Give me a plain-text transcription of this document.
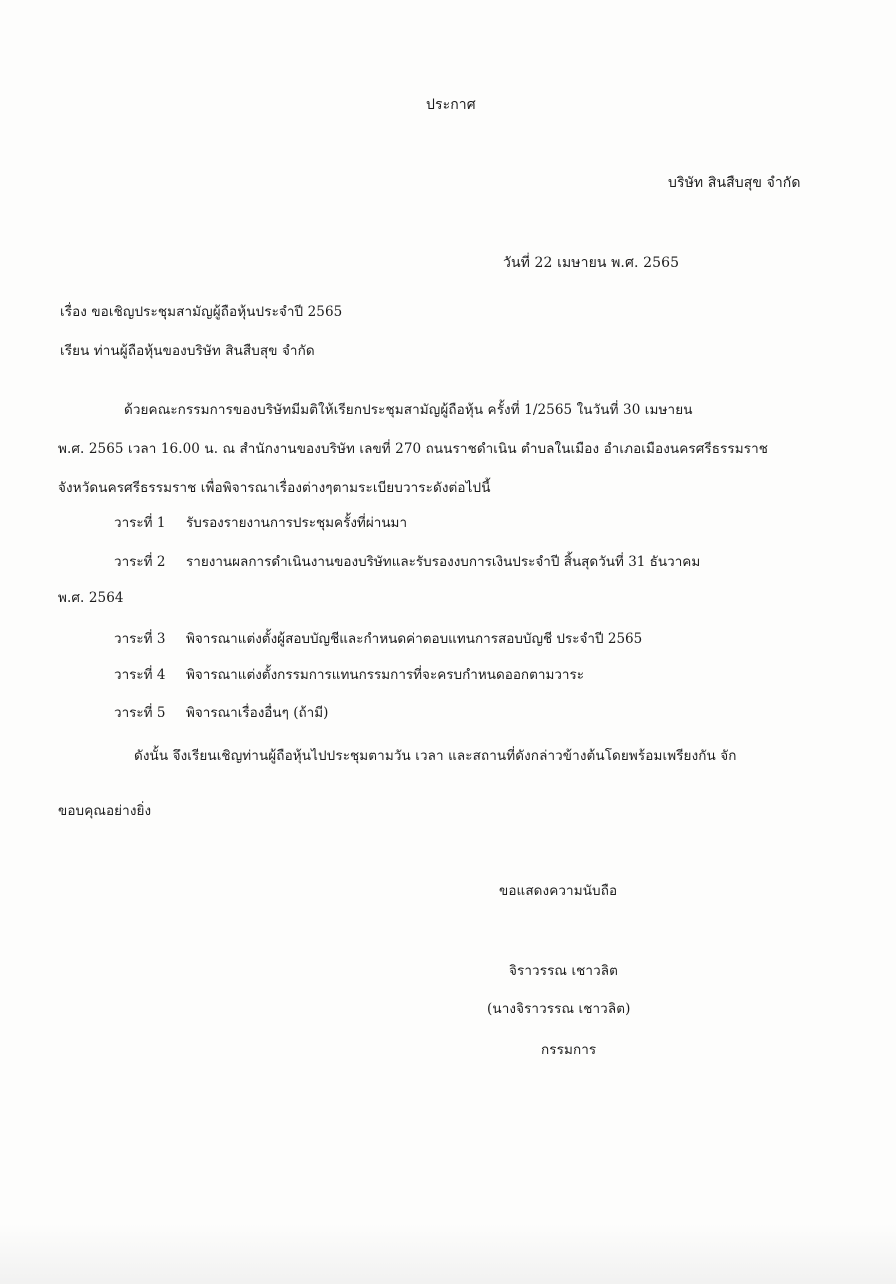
ประกาศ
บริษัท สินสืบสุข จำกัด
วันที่ 22 เมษายน พ.ศ. 2565
เรื่อง ขอเชิญประชุมสามัญผู้ถือหุ้นประจำปี 2565
เรียน ท่านผู้ถือหุ้นของบริษัท สินสืบสุข จำกัด
ด้วยคณะกรรมการของบริษัทมีมติให้เรียกประชุมสามัญผู้ถือหุ้น ครั้งที่ 1/2565 ในวันที่ 30 เมษายน
พ.ศ. 2565 เวลา 16.00 น. ณ สำนักงานของบริษัท เลขที่ 270 ถนนราชดำเนิน ตำบลในเมือง อำเภอเมืองนครศรีธรรมราช
จังหวัดนครศรีธรรมราช เพื่อพิจารณาเรื่องต่างๆตามระเบียบวาระดังต่อไปนี้
วาระที่ 1 รับรองรายงานการประชุมครั้งที่ผ่านมา
วาระที่ 2 รายงานผลการดำเนินงานของบริษัทและรับรองงบการเงินประจำปี สิ้นสุดวันที่ 31 ธันวาคม
พ.ศ. 2564
วาระที่ 3 พิจารณาแต่งตั้งผู้สอบบัญชีและกำหนดค่าตอบแทนการสอบบัญชี ประจำปี 2565
วาระที่ 4 พิจารณาแต่งตั้งกรรมการแทนกรรมการที่จะครบกำหนดออกตามวาระ
วาระที่ 5 พิจารณาเรื่องอื่นๆ (ถ้ามี)
ดังนั้น จึงเรียนเชิญท่านผู้ถือหุ้นไปประชุมตามวัน เวลา และสถานที่ดังกล่าวข้างต้นโดยพร้อมเพรียงกัน จัก
ขอบคุณอย่างยิ่ง
ขอแสดงความนับถือ
จิราวรรณ เชาวลิต
(นางจิราวรรณ เชาวลิต)
กรรมการ
